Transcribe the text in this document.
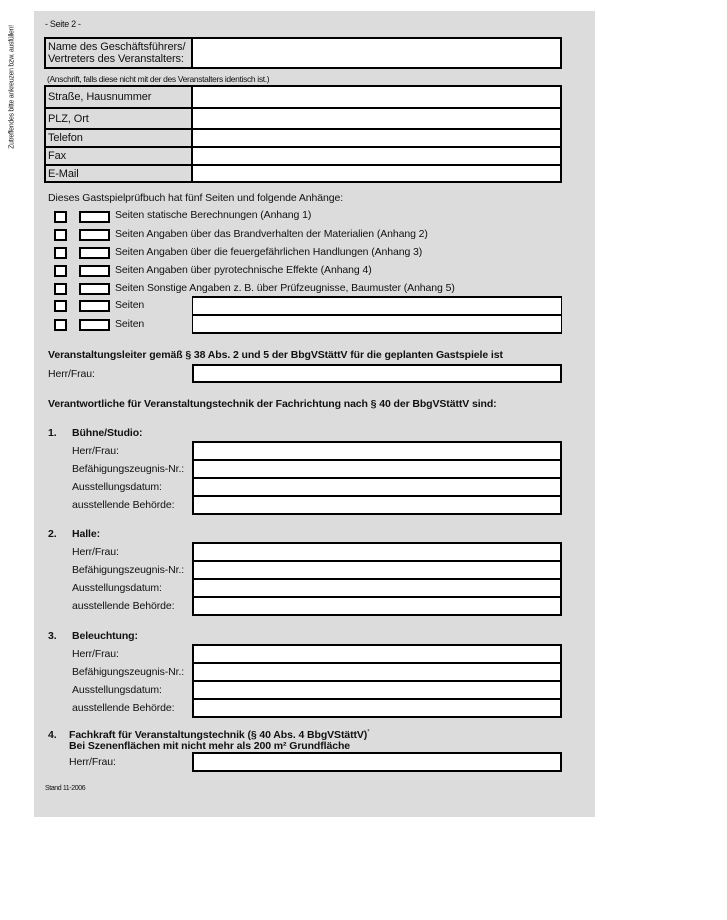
Zutreffendes bitte ankreuzen bzw. ausfüllen!
- Seite 2 -
Name des Geschäftsführers/
Vertreters des Veranstalters:
(Anschrift, falls diese nicht mit der des Veranstalters identisch ist.)
Straße, Hausnummer
PLZ, Ort
Telefon
Fax
E-Mail
Dieses Gastspielprüfbuch hat fünf Seiten und folgende Anhänge:
Seiten statische Berechnungen (Anhang 1)
Seiten Angaben über das Brandverhalten der Materialien (Anhang 2)
Seiten Angaben über die feuergefährlichen Handlungen (Anhang 3)
Seiten Angaben über pyrotechnische Effekte (Anhang 4)
Seiten Sonstige Angaben z. B. über Prüfzeugnisse, Baumuster (Anhang 5)
Seiten
Seiten
Veranstaltungsleiter gemäß § 38 Abs. 2 und 5 der BbgVStättV für die geplanten Gastspiele ist
Herr/Frau:
Verantwortliche für Veranstaltungstechnik der Fachrichtung nach § 40 der BbgVStättV sind:
1. Bühne/Studio:
Herr/Frau:
Befähigungszeugnis-Nr.:
Ausstellungsdatum:
ausstellende Behörde:
2. Halle:
Herr/Frau:
Befähigungszeugnis-Nr.:
Ausstellungsdatum:
ausstellende Behörde:
3. Beleuchtung:
Herr/Frau:
Befähigungszeugnis-Nr.:
Ausstellungsdatum:
ausstellende Behörde:
4. Fachkraft für Veranstaltungstechnik (§ 40 Abs. 4 BbgVStättV)*
Bei Szenenflächen mit nicht mehr als 200 m² Grundfläche
Herr/Frau:
Stand 11-2006
